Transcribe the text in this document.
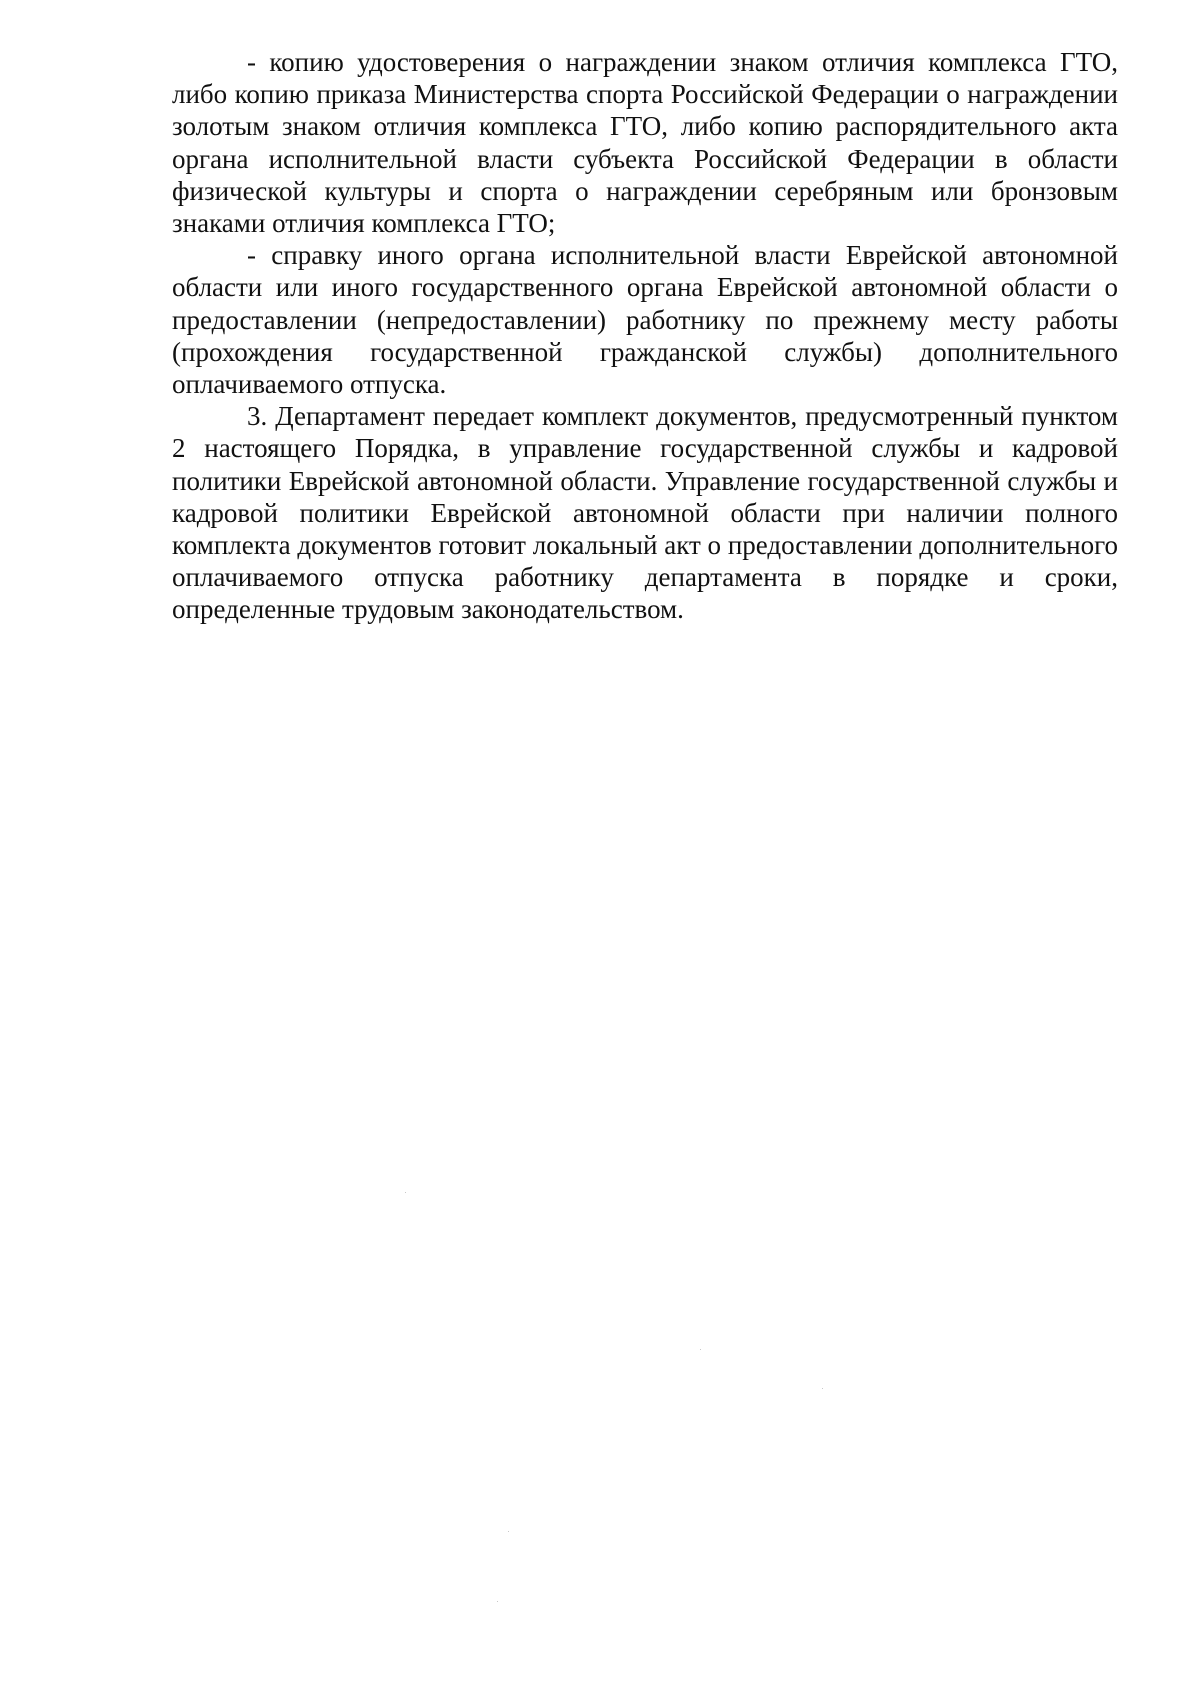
- копию удостоверения о награждении знаком отличия комплекса ГТО, либо копию приказа Министерства спорта Российской Федерации о награждении золотым знаком отличия комплекса ГТО, либо копию распорядительного акта органа исполнительной власти субъекта Российской Федерации в области физической культуры и спорта о награждении серебряным или бронзовым знаками отличия комплекса ГТО;

- справку иного органа исполнительной власти Еврейской автономной области или иного государственного органа Еврейской автономной области о предоставлении (непредоставлении) работнику по прежнему месту работы (прохождения государственной гражданской службы) дополнительного оплачиваемого отпуска.

3. Департамент передает комплект документов, предусмотренный пунктом 2 настоящего Порядка, в управление государственной службы и кадровой политики Еврейской автономной области. Управление государственной службы и кадровой политики Еврейской автономной области при наличии полного комплекта документов готовит локальный акт о предоставлении дополнительного оплачиваемого отпуска работнику департамента в порядке и сроки, определенные трудовым законодательством.
